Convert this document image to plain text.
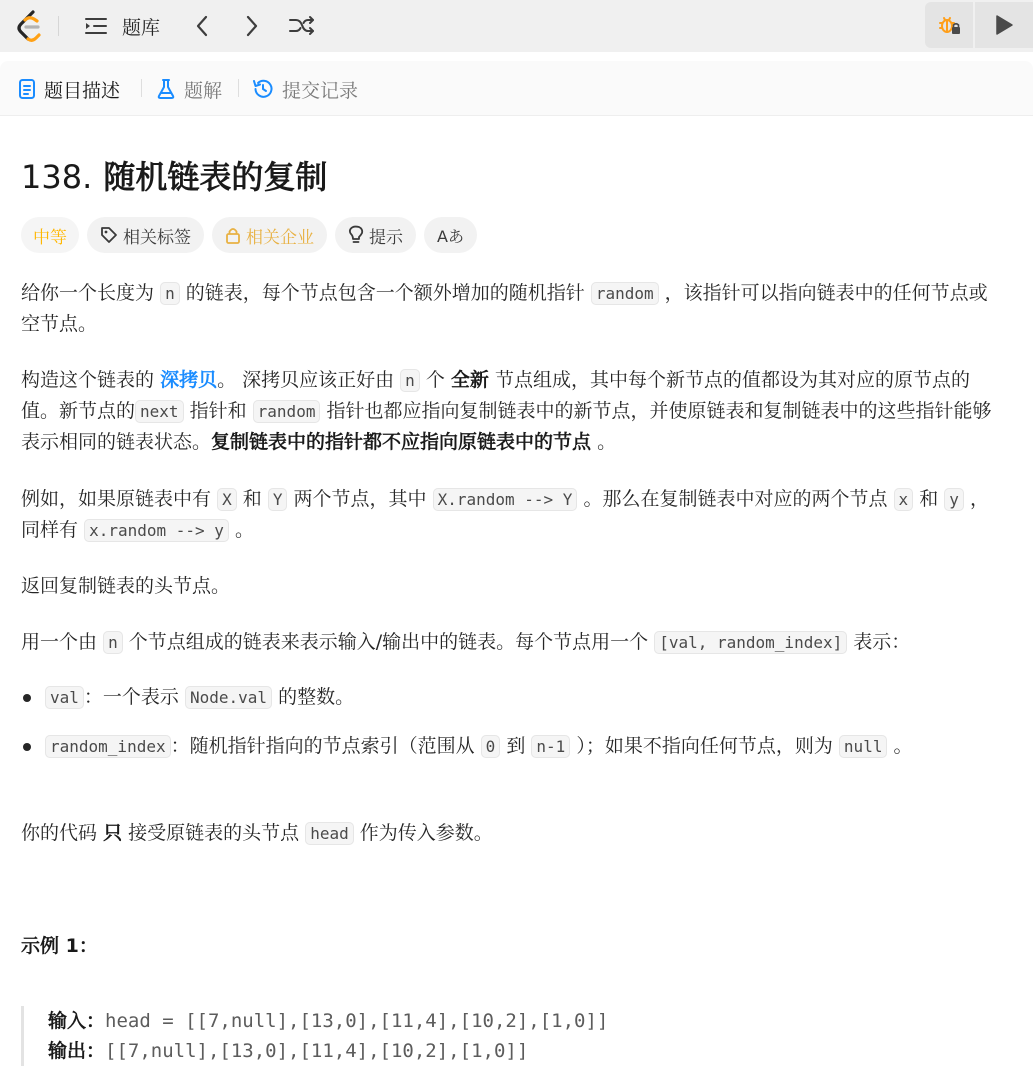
题库
题目描述	题解	提交记录
138. 随机链表的复制
中等	相关标签	相关企业	提示 Aあ
给你一个长度为 n 的链表，每个节点包含一个额外增加的随机指针 random ，该指针可以指向链表中的任何节点或空节点。
构造这个链表的 深拷贝。 深拷贝应该正好由 n 个 全新 节点组成，其中每个新节点的值都设为其对应的原节点的值。新节点的 next 指针和 random 指针也都应指向复制链表中的新节点，并使原链表和复制链表中的这些指针能够表示相同的链表状态。复制链表中的指针都不应指向原链表中的节点 。
例如，如果原链表中有 X 和 Y 两个节点，其中 X.random --> Y 。那么在复制链表中对应的两个节点 x 和 y ，同样有 x.random --> y 。
返回复制链表的头节点。
用一个由 n 个节点组成的链表来表示输入/输出中的链表。每个节点用一个 [val, random_index] 表示：
val ：一个表示 Node.val 的整数。
random_index ：随机指针指向的节点索引（范围从 0 到 n-1 ）；如果不指向任何节点，则为 null 。
你的代码 只 接受原链表的头节点 head 作为传入参数。
示例 1：
输入：head = [[7,null],[13,0],[11,4],[10,2],[1,0]]
输出：[[7,null],[13,0],[11,4],[10,2],[1,0]]
